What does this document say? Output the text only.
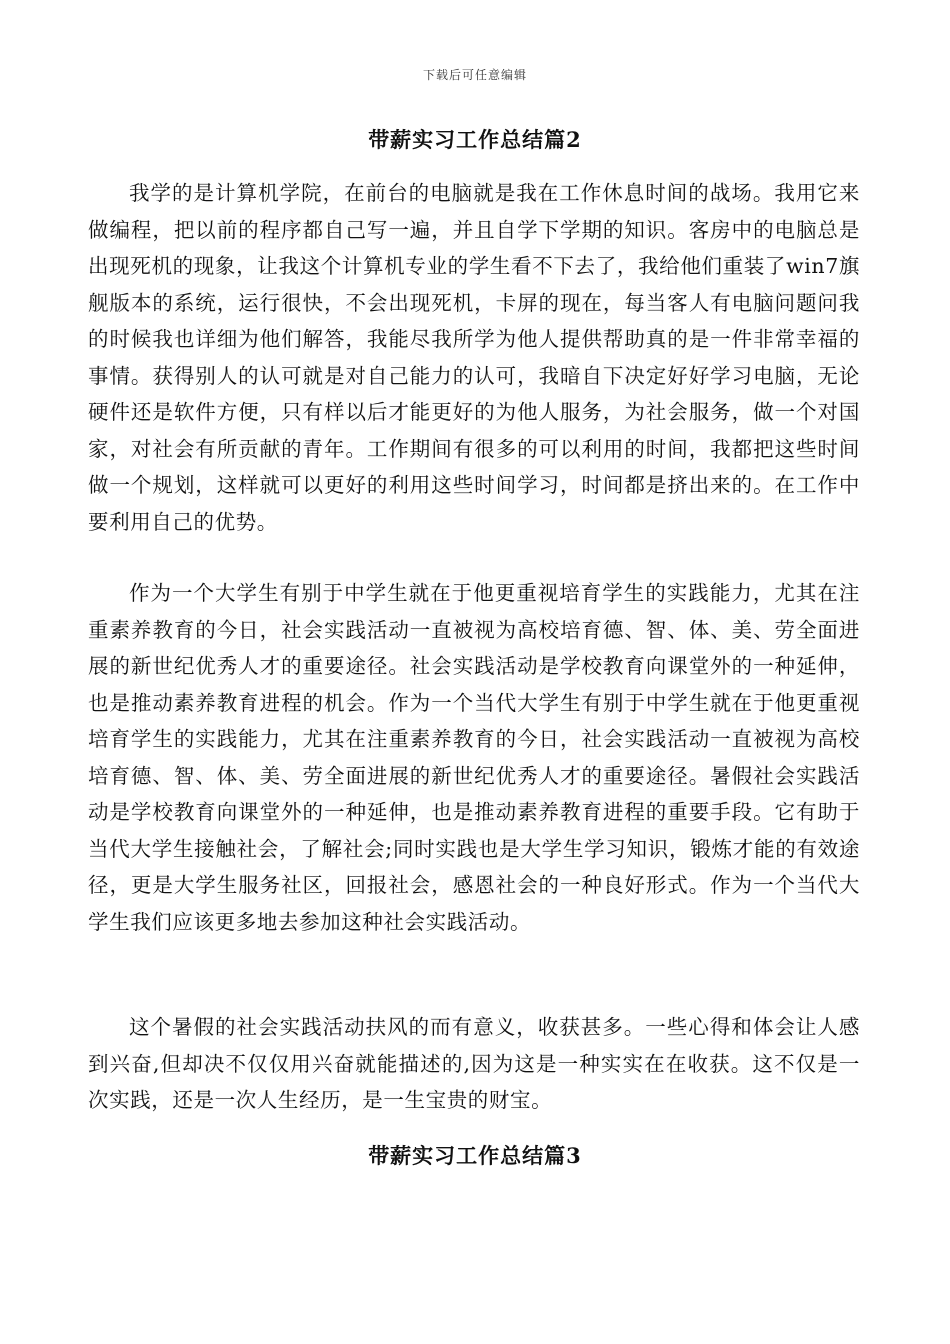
下载后可任意编辑
带薪实习工作总结篇2

我学的是计算机学院，在前台的电脑就是我在工作休息时间的战场。我用它来做编程，把以前的程序都自己写一遍，并且自学下学期的知识。客房中的电脑总是出现死机的现象，让我这个计算机专业的学生看不下去了，我给他们重装了win7旗舰版本的系统，运行很快，不会出现死机，卡屏的现在，每当客人有电脑问题问我的时候我也详细为他们解答，我能尽我所学为他人提供帮助真的是一件非常幸福的事情。获得别人的认可就是对自己能力的认可，我暗自下决定好好学习电脑，无论硬件还是软件方便，只有样以后才能更好的为他人服务，为社会服务，做一个对国家，对社会有所贡献的青年。工作期间有很多的可以利用的时间，我都把这些时间做一个规划，这样就可以更好的利用这些时间学习，时间都是挤出来的。在工作中要利用自己的优势。

作为一个大学生有别于中学生就在于他更重视培育学生的实践能力，尤其在注重素养教育的今日，社会实践活动一直被视为高校培育德、智、体、美、劳全面进展的新世纪优秀人才的重要途径。社会实践活动是学校教育向课堂外的一种延伸，也是推动素养教育进程的机会。作为一个当代大学生有别于中学生就在于他更重视培育学生的实践能力，尤其在注重素养教育的今日，社会实践活动一直被视为高校培育德、智、体、美、劳全面进展的新世纪优秀人才的重要途径。暑假社会实践活动是学校教育向课堂外的一种延伸，也是推动素养教育进程的重要手段。它有助于当代大学生接触社会，了解社会;同时实践也是大学生学习知识，锻炼才能的有效途径，更是大学生服务社区，回报社会，感恩社会的一种良好形式。作为一个当代大学生我们应该更多地去参加这种社会实践活动。

这个暑假的社会实践活动扶风的而有意义，收获甚多。一些心得和体会让人感到兴奋,但却决不仅仅用兴奋就能描述的,因为这是一种实实在在收获。这不仅是一次实践，还是一次人生经历，是一生宝贵的财宝。

带薪实习工作总结篇3
